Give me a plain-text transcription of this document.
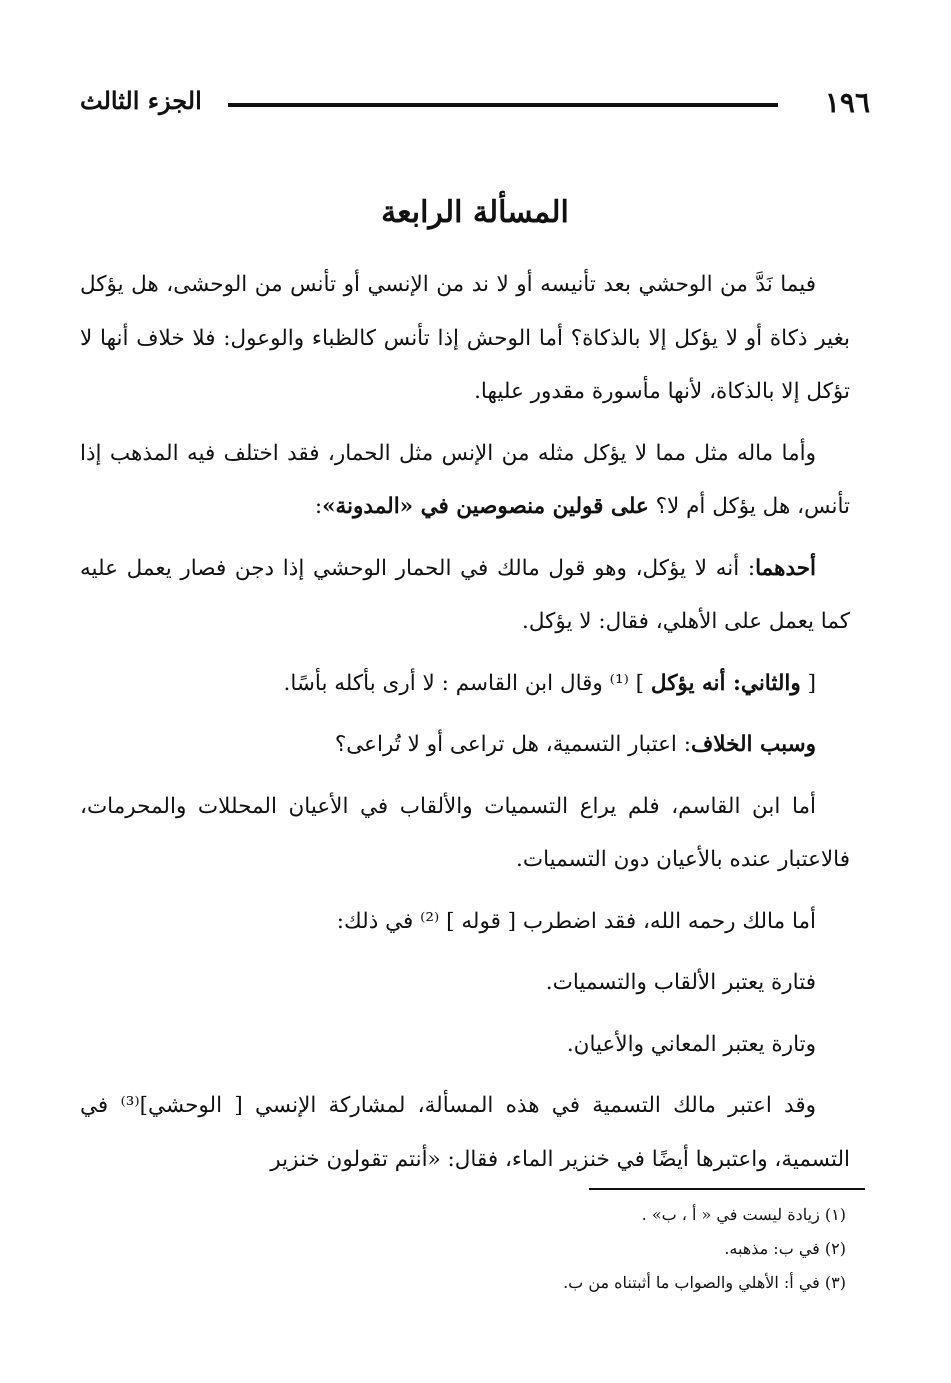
١٩٦
الجزء الثالث
المسألة الرابعة

فيما نَدَّ من الوحشي بعد تأنيسه أو لا ند من الإنسي أو تأنس من الوحشى، هل يؤكل بغير ذكاة أو لا يؤكل إلا بالذكاة؟ أما الوحش إذا تأنس كالظباء والوعول: فلا خلاف أنها لا تؤكل إلا بالذكاة، لأنها مأسورة مقدور عليها.

وأما ماله مثل مما لا يؤكل مثله من الإنس مثل الحمار، فقد اختلف فيه المذهب إذا تأنس، هل يؤكل أم لا؟ على قولين منصوصين في «المدونة»:

أحدهما: أنه لا يؤكل، وهو قول مالك في الحمار الوحشي إذا دجن فصار يعمل عليه كما يعمل على الأهلي، فقال: لا يؤكل.

[ والثاني: أنه يؤكل ] ⁽¹⁾ وقال ابن القاسم : لا أرى بأكله بأسًا.

وسبب الخلاف: اعتبار التسمية، هل تراعى أو لا تُراعى؟

أما ابن القاسم، فلم يراع التسميات والألقاب في الأعيان المحللات والمحرمات، فالاعتبار عنده بالأعيان دون التسميات.

أما مالك رحمه الله، فقد اضطرب [ قوله ] ⁽²⁾ في ذلك:

فتارة يعتبر الألقاب والتسميات.

وتارة يعتبر المعاني والأعيان.

وقد اعتبر مالك التسمية في هذه المسألة، لمشاركة الإنسي [ الوحشي]⁽³⁾ في التسمية، واعتبرها أيضًا في خنزير الماء، فقال: «أنتم تقولون خنزير

(١) زيادة ليست في « أ ، ب» .
(٢) في ب: مذهبه.
(٣) في أ: الأهلي والصواب ما أثبتناه من ب.
